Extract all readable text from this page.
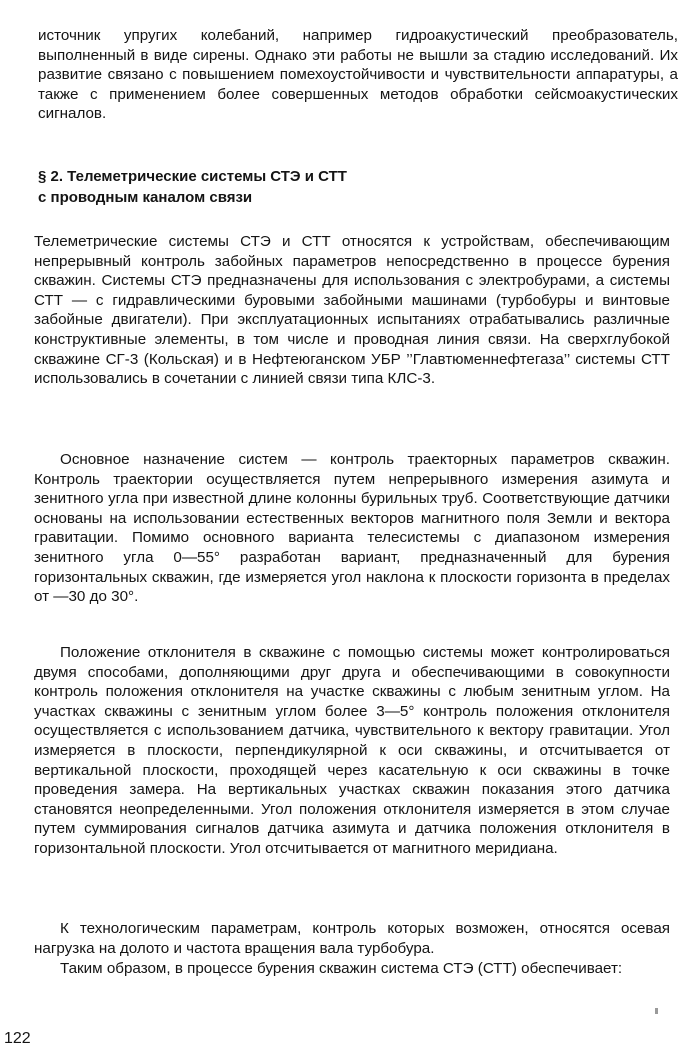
источник упругих колебаний, например гидроакустический преобразователь, выполненный в виде сирены. Однако эти работы не вышли за стадию исследований. Их развитие связано с повышением помехоустойчивости и чувствительности аппаратуры, а также с применением более совершенных методов обработки сейсмоакустических сигналов.

§ 2. Телеметрические системы СТЭ и СТТ
с проводным каналом связи

Телеметрические системы СТЭ и СТТ относятся к устройствам, обеспечивающим непрерывный контроль забойных параметров непосредственно в процессе бурения скважин. Системы СТЭ предназначены для использования с электробурами, а системы СТТ — с гидравлическими буровыми забойными машинами (турбобуры и винтовые забойные двигатели). При эксплуатационных испытаниях отрабатывались различные конструктивные элементы, в том числе и проводная линия связи. На сверхглубокой скважине СГ-3 (Кольская) и в Нефтеюганском УБР ’’Главтюменнефтегаза’’ системы СТТ использовались в сочетании с линией связи типа КЛС-3.

Основное назначение систем — контроль траекторных параметров скважин. Контроль траектории осуществляется путем непрерывного измерения азимута и зенитного угла при известной длине колонны бурильных труб. Соответствующие датчики основаны на использовании естественных векторов магнитного поля Земли и вектора гравитации. Помимо основного варианта телесистемы с диапазоном измерения зенитного угла 0—55° разработан вариант, предназначенный для бурения горизонтальных скважин, где измеряется угол наклона к плоскости горизонта в пределах от —30 до 30°.

Положение отклонителя в скважине с помощью системы может контролироваться двумя способами, дополняющими друг друга и обеспечивающими в совокупности контроль положения отклонителя на участке скважины с любым зенитным углом. На участках скважины с зенитным углом более 3—5° контроль положения отклонителя осуществляется с использованием датчика, чувствительного к вектору гравитации. Угол измеряется в плоскости, перпендикулярной к оси скважины, и отсчитывается от вертикальной плоскости, проходящей через касательную к оси скважины в точке проведения замера. На вертикальных участках скважин показания этого датчика становятся неопределенными. Угол положения отклонителя измеряется в этом случае путем суммирования сигналов датчика азимута и датчика положения отклонителя в горизонтальной плоскости. Угол отсчитывается от магнитного меридиана.

К технологическим параметрам, контроль которых возможен, относятся осевая нагрузка на долото и частота вращения вала турбобура.

Таким образом, в процессе бурения скважин система СТЭ (СТТ) обеспечивает:

122
